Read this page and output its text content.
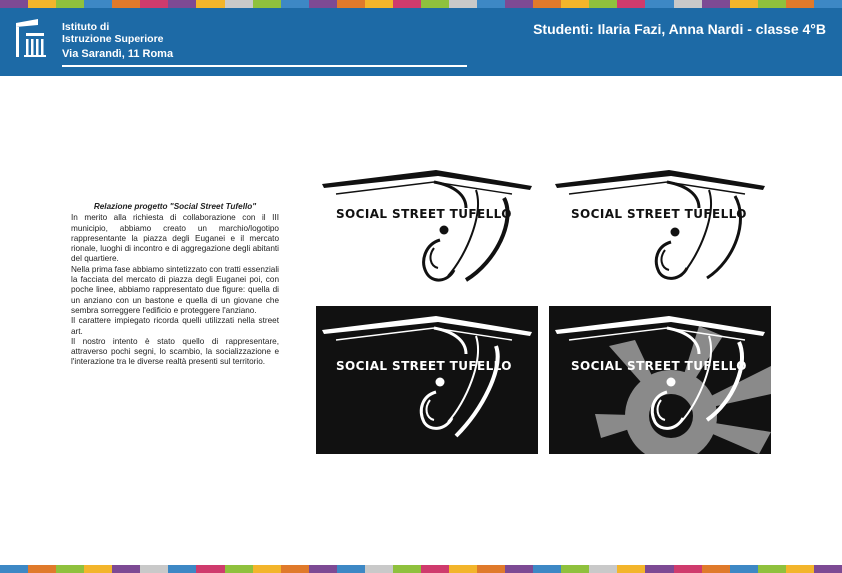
Istituto di
Istruzione Superiore
Via Sarandì, 11 Roma
Studenti: Ilaria Fazi, Anna Nardi - classe 4°B
Relazione progetto "Social Street Tufello"

In merito alla richiesta di collaborazione con il III municipio, abbiamo creato un marchio/logotipo rappresentante la piazza degli Euganei e il mercato rionale, luoghi di incontro e di aggregazione degli abitanti del quartiere.

Nella prima fase abbiamo sintetizzato con tratti essenziali la facciata del mercato di piazza degli Euganei poi, con poche linee, abbiamo rappresentato due figure: quella di un anziano con un bastone e quella di un giovane che sembra sorreggere l'edificio e proteggere l'anziano.

Il carattere impiegato ricorda quelli utilizzati nella street art.

Il nostro intento è stato quello di rappresentare, attraverso pochi segni, lo scambio, la socializzazione e l'interazione tra le diverse realtà presenti sul territorio.

SOCIAL STREET TUFELLO	SOCIAL STREET TUFELLO
SOCIAL STREET TUFELLO	SOCIAL STREET TUFELLO
